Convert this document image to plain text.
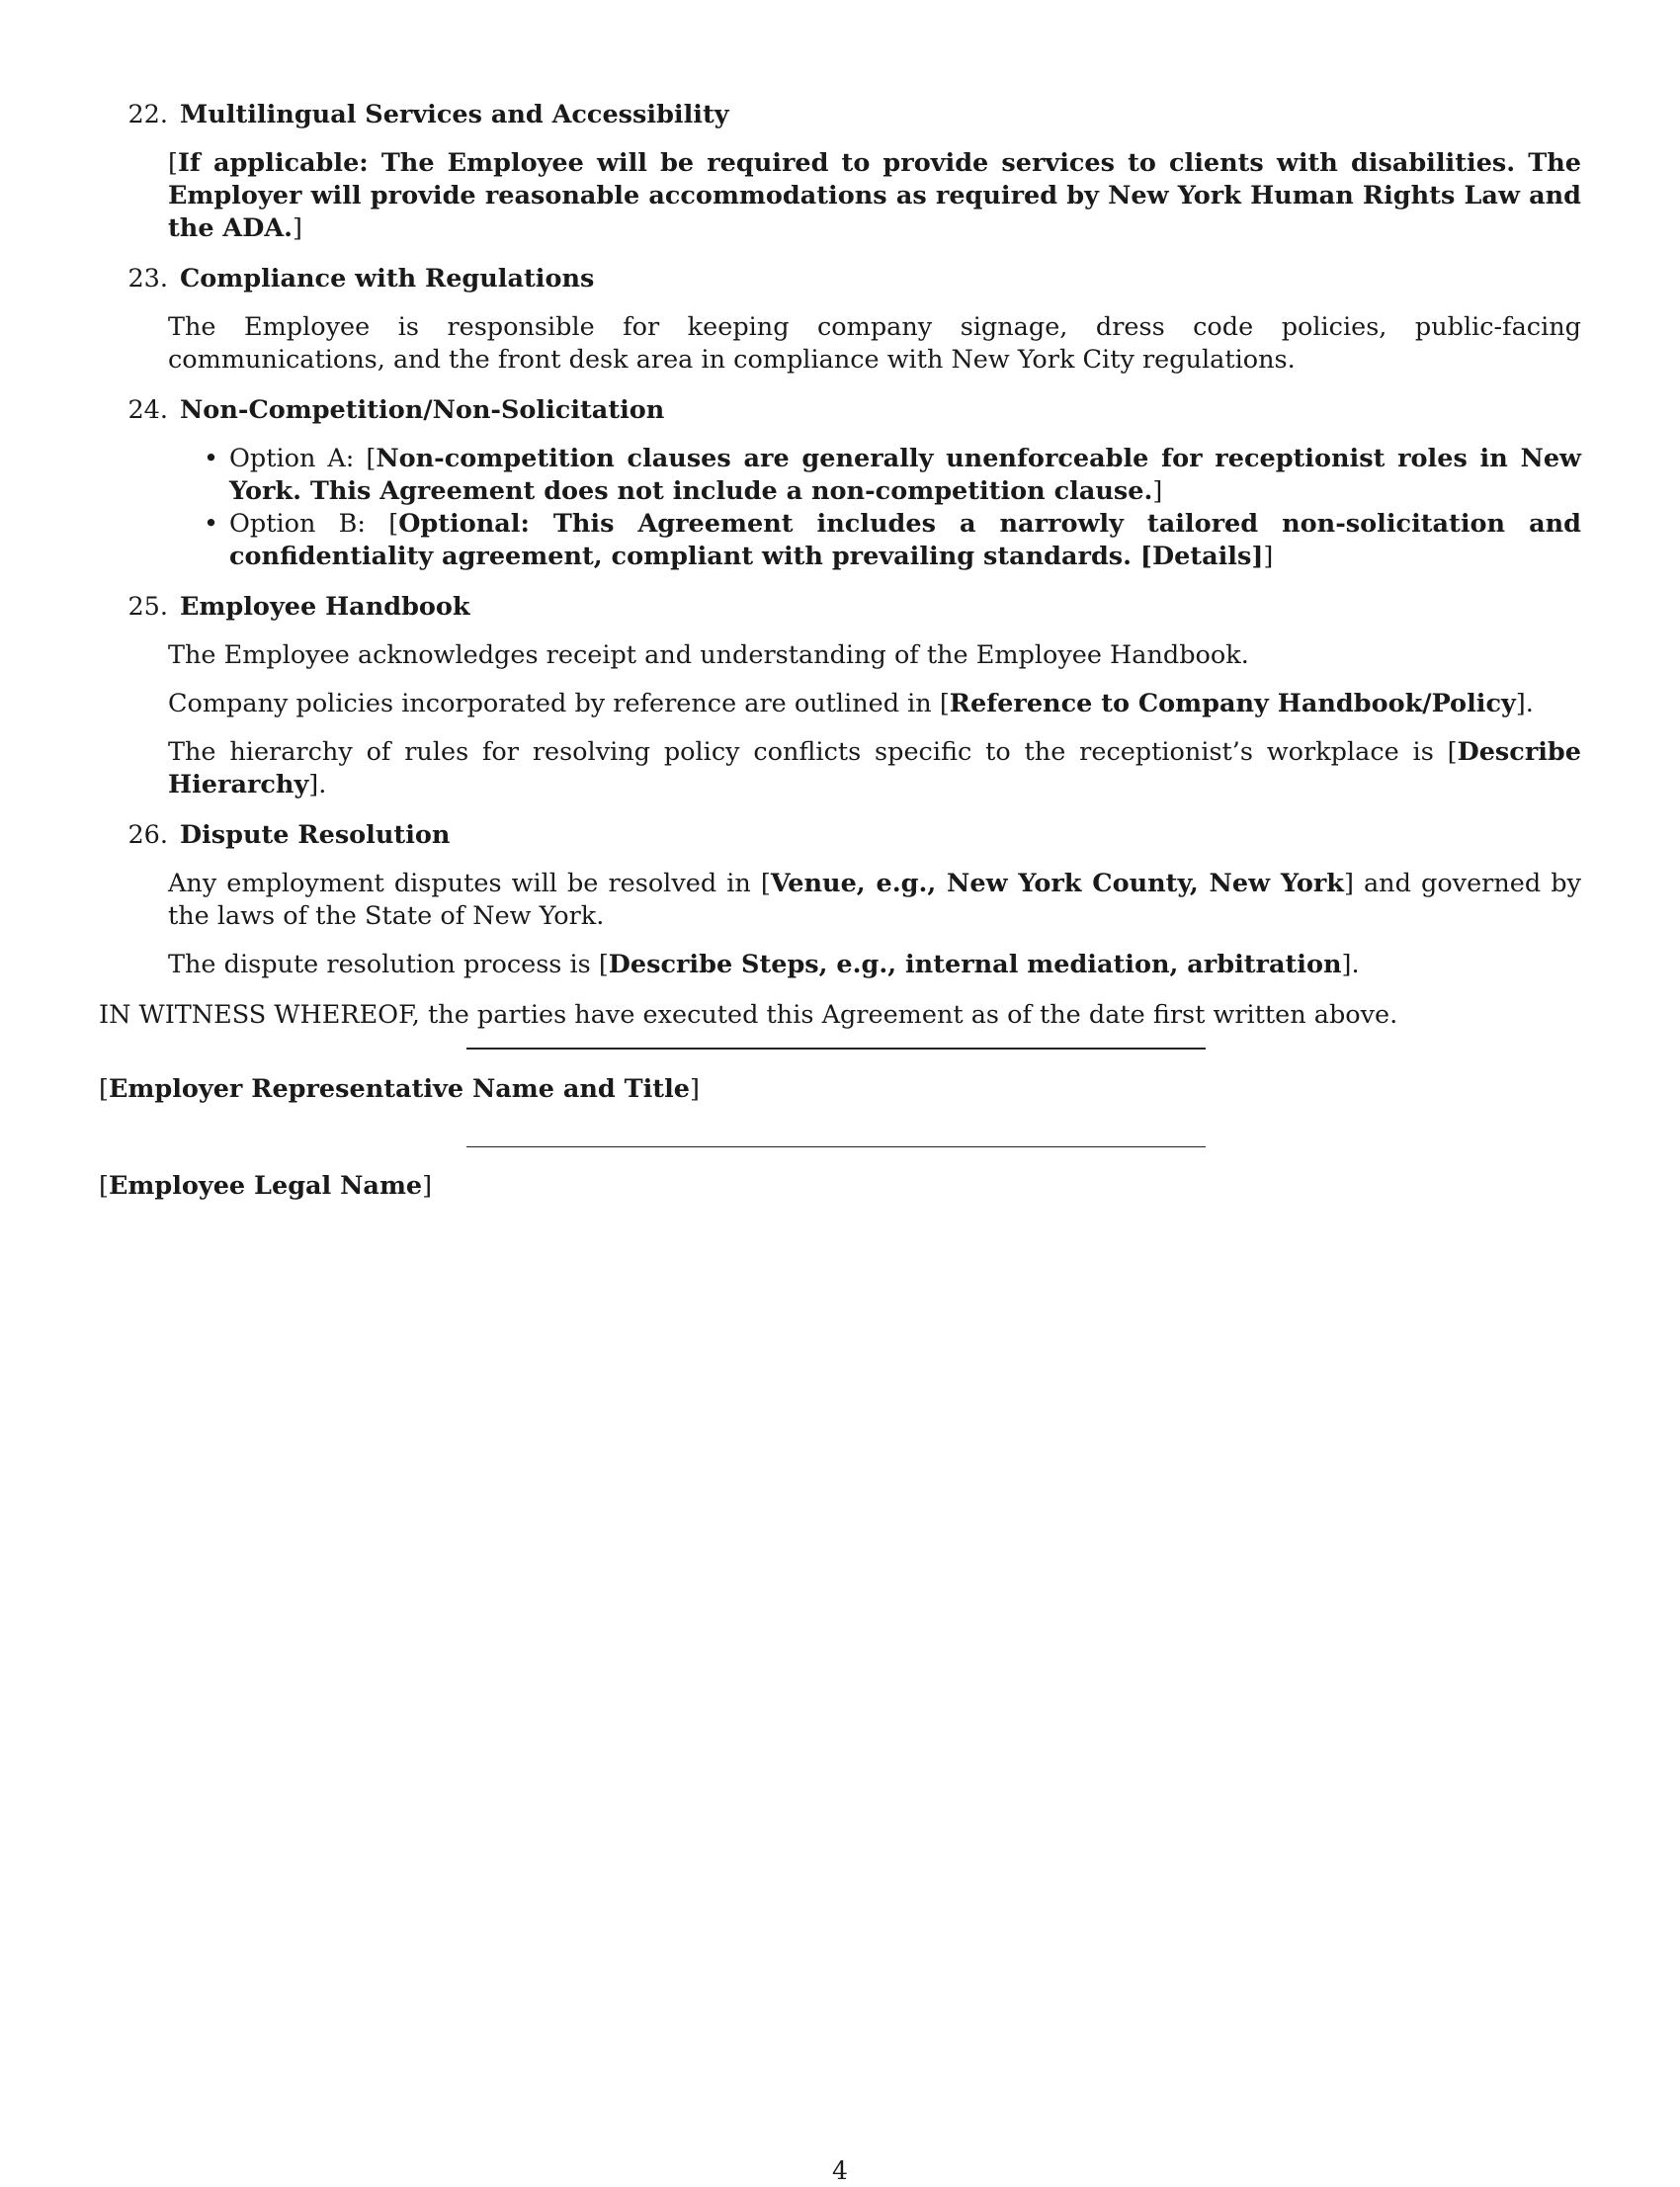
22. Multilingual Services and Accessibility

[If applicable: The Employee will be required to provide services to clients with disabilities. The Employer will provide reasonable accommodations as required by New York Human Rights Law and the ADA.]

23. Compliance with Regulations

The Employee is responsible for keeping company signage, dress code policies, public-facing communications, and the front desk area in compliance with New York City regulations.

24. Non-Competition/Non-Solicitation
• Option A: [Non-competition clauses are generally unenforceable for receptionist roles in New York. This Agreement does not include a non-competition clause.]
• Option B: [Optional: This Agreement includes a narrowly tailored non-solicitation and confidentiality agreement, compliant with prevailing standards. [Details]]
25. Employee Handbook

The Employee acknowledges receipt and understanding of the Employee Handbook.

Company policies incorporated by reference are outlined in [Reference to Company Handbook/Policy].

The hierarchy of rules for resolving policy conflicts specific to the receptionist’s workplace is [Describe Hierarchy].

26. Dispute Resolution

Any employment disputes will be resolved in [Venue, e.g., New York County, New York] and governed by the laws of the State of New York.

The dispute resolution process is [Describe Steps, e.g., internal mediation, arbitration].

IN WITNESS WHEREOF, the parties have executed this Agreement as of the date first written above.

[Employer Representative Name and Title]
[Employee Legal Name]
4
